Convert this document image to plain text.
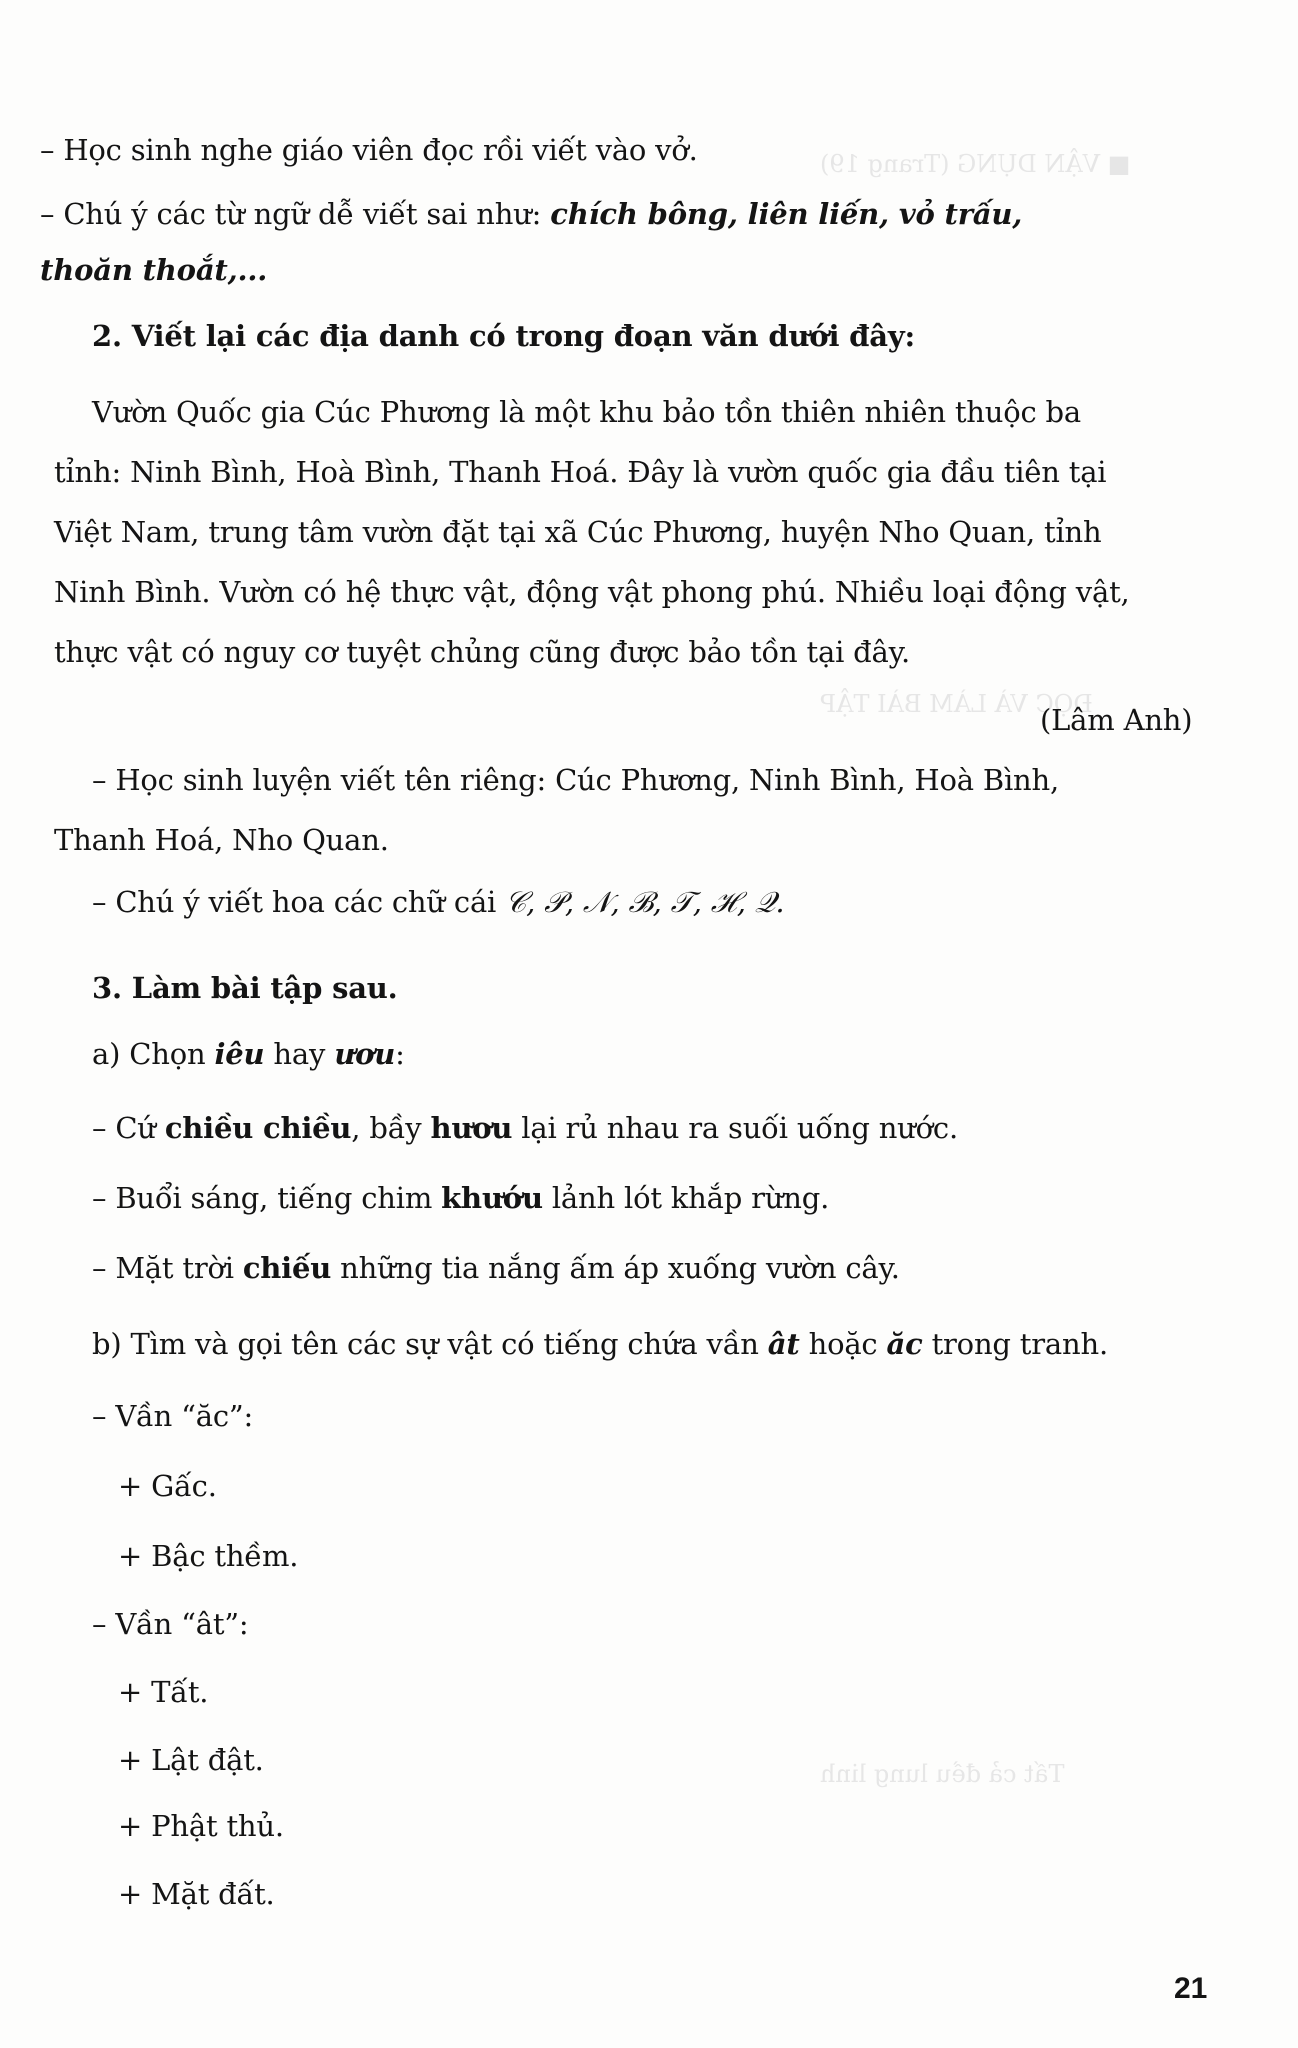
■ VẬN DỤNG (Trang 19)
ĐỌC VÀ LÀM BÀI TẬP
Tất cả đều lung linh
– Học sinh nghe giáo viên đọc rồi viết vào vở.
– Chú ý các từ ngữ dễ viết sai như: chích bông, liên liến, vỏ trấu,
thoăn thoắt,...
2. Viết lại các địa danh có trong đoạn văn dưới đây:
Vườn Quốc gia Cúc Phương là một khu bảo tồn thiên nhiên thuộc ba
tỉnh: Ninh Bình, Hoà Bình, Thanh Hoá. Đây là vườn quốc gia đầu tiên tại
Việt Nam, trung tâm vườn đặt tại xã Cúc Phương, huyện Nho Quan, tỉnh
Ninh Bình. Vườn có hệ thực vật, động vật phong phú. Nhiều loại động vật,
thực vật có nguy cơ tuyệt chủng cũng được bảo tồn tại đây.
(Lâm Anh)
– Học sinh luyện viết tên riêng: Cúc Phương, Ninh Bình, Hoà Bình,
Thanh Hoá, Nho Quan.
– Chú ý viết hoa các chữ cái 𝒞, 𝒫, 𝒩, ℬ, 𝒯, ℋ, 𝒬.
3. Làm bài tập sau.
a) Chọn iêu hay ươu:
– Cứ chiều chiều, bầy hươu lại rủ nhau ra suối uống nước.
– Buổi sáng, tiếng chim khướu lảnh lót khắp rừng.
– Mặt trời chiếu những tia nắng ấm áp xuống vườn cây.
b) Tìm và gọi tên các sự vật có tiếng chứa vần ât hoặc ăc trong tranh.
– Vần “ăc”:
+ Gấc.
+ Bậc thềm.
– Vần “ât”:
+ Tất.
+ Lật đật.
+ Phật thủ.
+ Mặt đất.
21
